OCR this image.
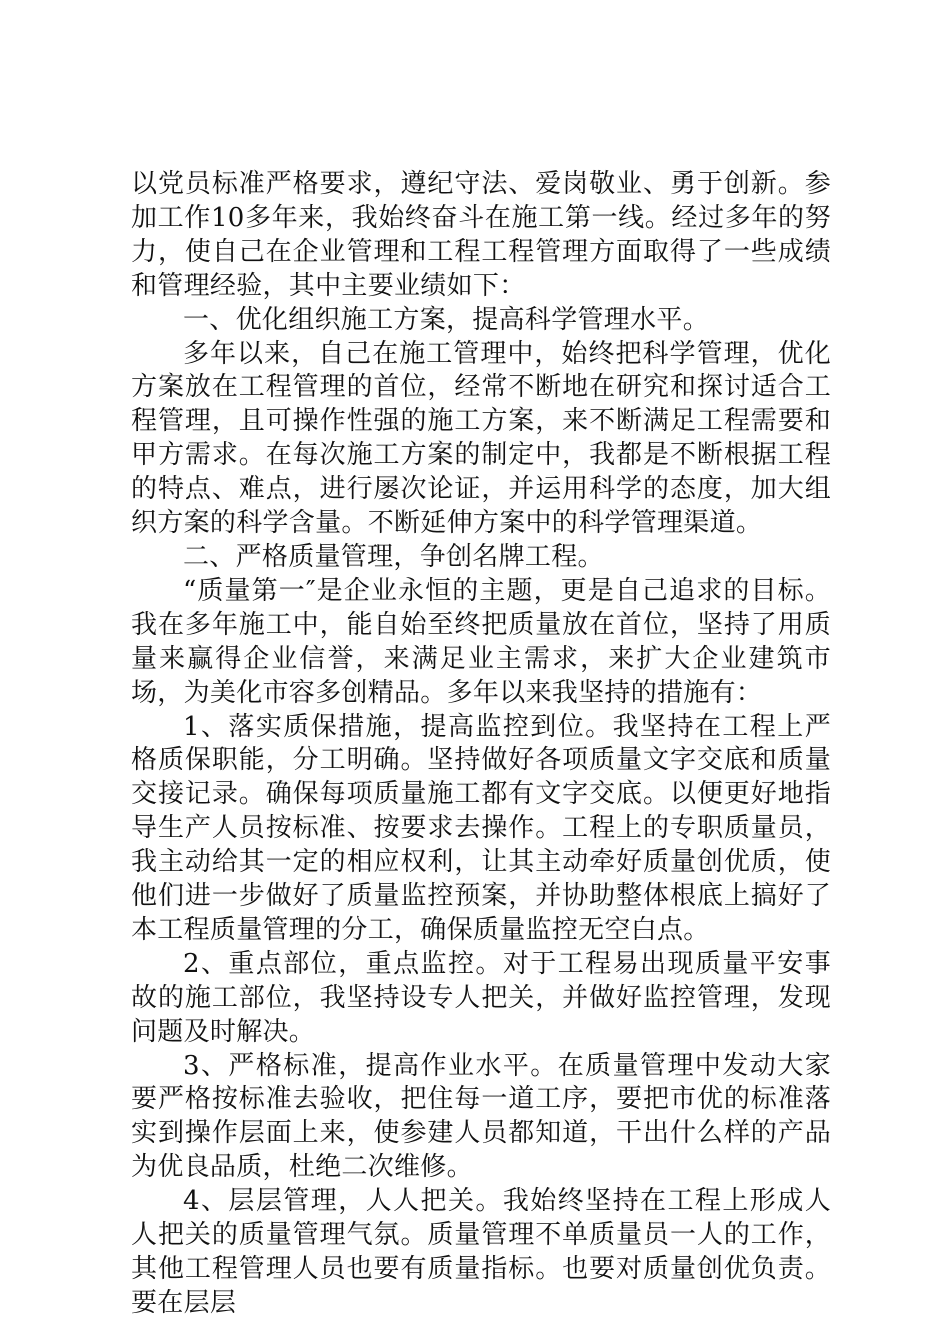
以党员标准严格要求，遵纪守法、爱岗敬业、勇于创新。参加工作10多年来，我始终奋斗在施工第一线。经过多年的努力，使自己在企业管理和工程工程管理方面取得了一些成绩和管理经验，其中主要业绩如下：

一、优化组织施工方案，提高科学管理水平。

多年以来，自己在施工管理中，始终把科学管理，优化方案放在工程管理的首位，经常不断地在研究和探讨适合工程管理，且可操作性强的施工方案，来不断满足工程需要和甲方需求。在每次施工方案的制定中，我都是不断根据工程的特点、难点，进行屡次论证，并运用科学的态度，加大组织方案的科学含量。不断延伸方案中的科学管理渠道。

二、严格质量管理，争创名牌工程。

“质量第一″是企业永恒的主题，更是自己追求的目标。我在多年施工中，能自始至终把质量放在首位，坚持了用质量来赢得企业信誉，来满足业主需求，来扩大企业建筑市场，为美化市容多创精品。多年以来我坚持的措施有：

1、落实质保措施，提高监控到位。我坚持在工程上严格质保职能，分工明确。坚持做好各项质量文字交底和质量交接记录。确保每项质量施工都有文字交底。以便更好地指导生产人员按标准、按要求去操作。工程上的专职质量员，我主动给其一定的相应权利，让其主动牵好质量创优质，使他们进一步做好了质量监控预案，并协助整体根底上搞好了本工程质量管理的分工，确保质量监控无空白点。

2、重点部位，重点监控。对于工程易出现质量平安事故的施工部位，我坚持设专人把关，并做好监控管理，发现问题及时解决。

3、严格标准，提高作业水平。在质量管理中发动大家要严格按标准去验收，把住每一道工序，要把市优的标准落实到操作层面上来，使参建人员都知道，干出什么样的产品为优良品质，杜绝二次维修。

4、层层管理，人人把关。我始终坚持在工程上形成人人把关的质量管理气氛。质量管理不单质量员一人的工作，其他工程管理人员也要有质量指标。也要对质量创优负责。要在层层
